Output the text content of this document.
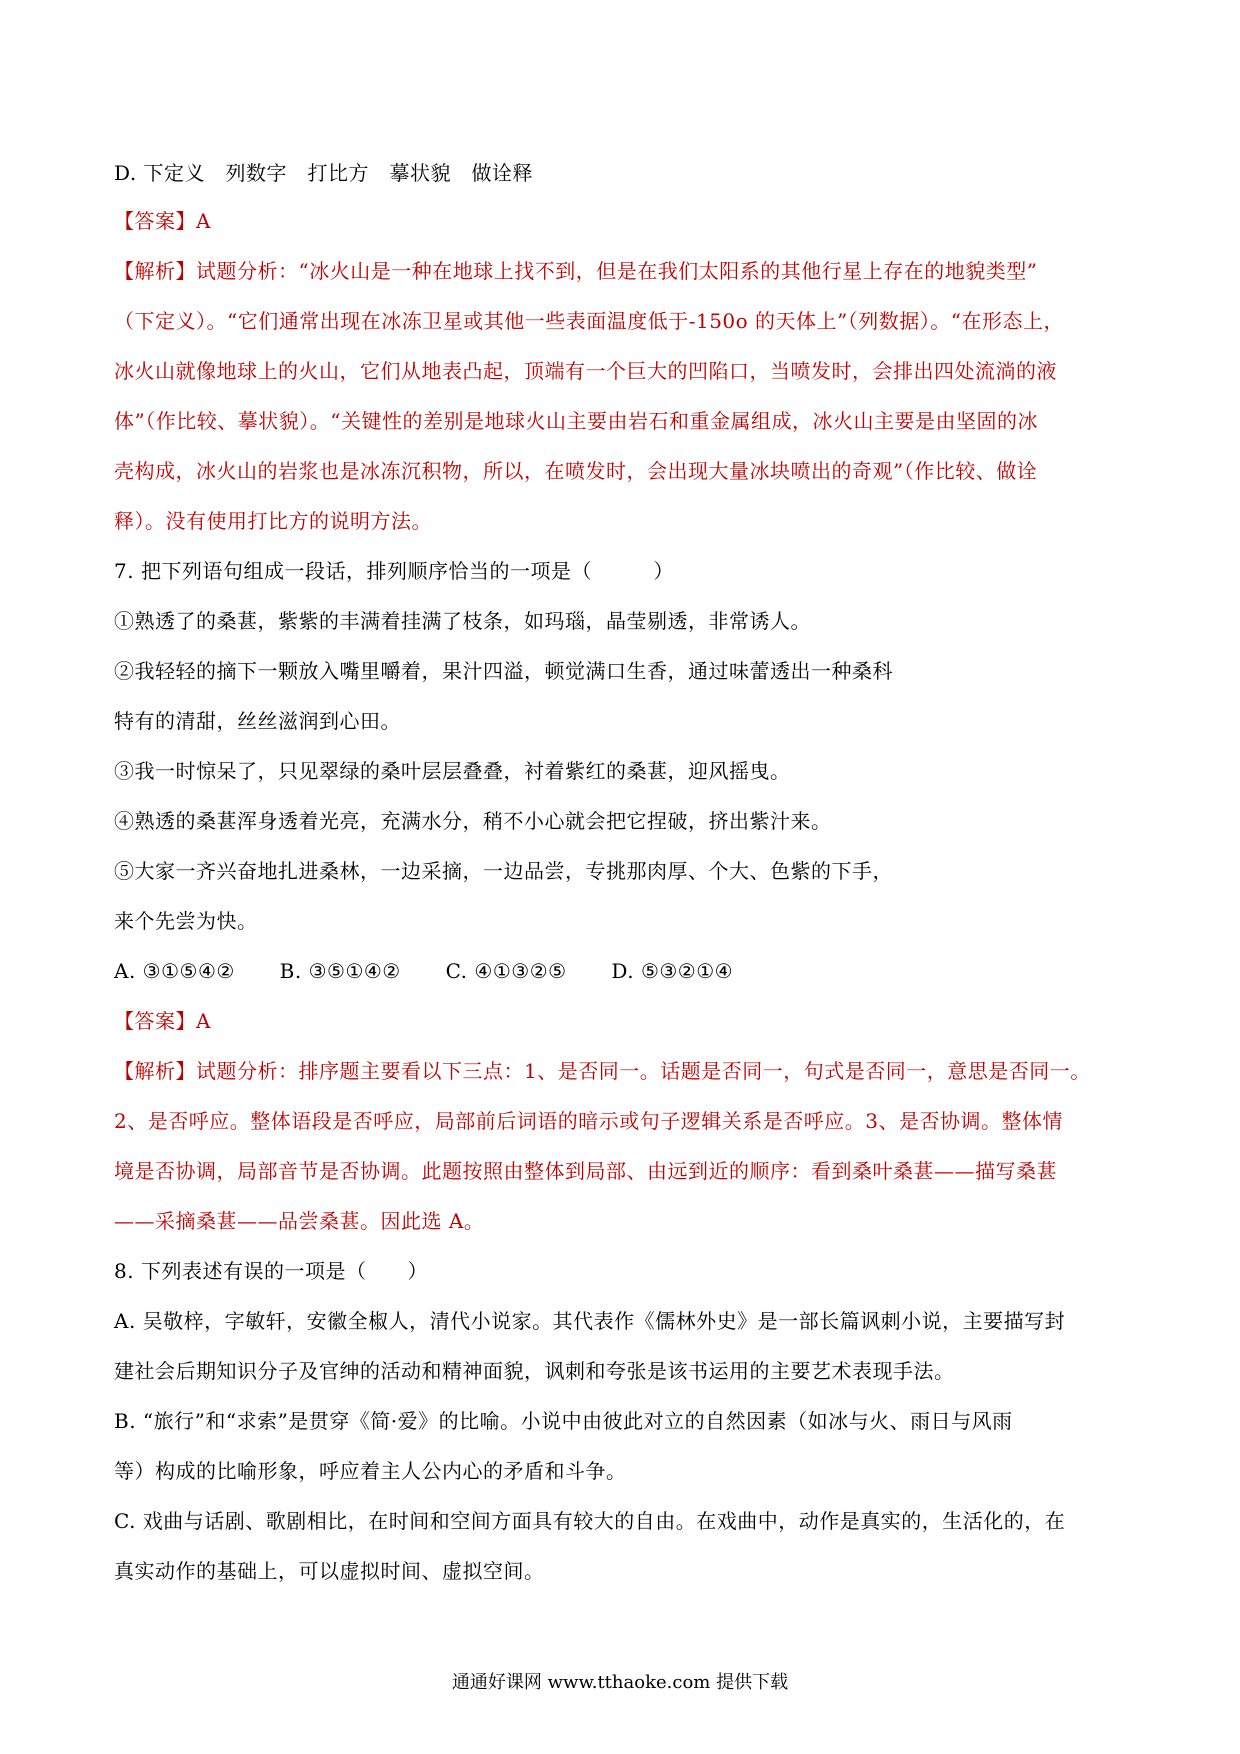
D. 下定义　列数字　打比方　摹状貌　做诠释
【答案】A
【解析】试题分析：“冰火山是一种在地球上找不到，但是在我们太阳系的其他行星上存在的地貌类型”
（下定义）。“它们通常出现在冰冻卫星或其他一些表面温度低于-150o 的天体上”（列数据）。“在形态上，
冰火山就像地球上的火山，它们从地表凸起，顶端有一个巨大的凹陷口，当喷发时，会排出四处流淌的液
体”（作比较、摹状貌）。“关键性的差别是地球火山主要由岩石和重金属组成，冰火山主要是由坚固的冰
壳构成，冰火山的岩浆也是冰冻沉积物，所以，在喷发时，会出现大量冰块喷出的奇观”（作比较、做诠
释）。没有使用打比方的说明方法。
7. 把下列语句组成一段话，排列顺序恰当的一项是（　　　）
①熟透了的桑葚，紫紫的丰满着挂满了枝条，如玛瑙，晶莹剔透，非常诱人。
②我轻轻的摘下一颗放入嘴里嚼着，果汁四溢，顿觉满口生香，通过味蕾透出一种桑科
特有的清甜，丝丝滋润到心田。
③我一时惊呆了，只见翠绿的桑叶层层叠叠，衬着紫红的桑葚，迎风摇曳。
④熟透的桑葚浑身透着光亮，充满水分，稍不小心就会把它捏破，挤出紫汁来。
⑤大家一齐兴奋地扎进桑林，一边采摘，一边品尝，专挑那肉厚、个大、色紫的下手，
来个先尝为快。
A. ③①⑤④② B. ③⑤①④② C. ④①③②⑤ D. ⑤③②①④
【答案】A
【解析】试题分析：排序题主要看以下三点：1、是否同一。话题是否同一，句式是否同一，意思是否同一。
2、是否呼应。整体语段是否呼应，局部前后词语的暗示或句子逻辑关系是否呼应。3、是否协调。整体情
境是否协调，局部音节是否协调。此题按照由整体到局部、由远到近的顺序：看到桑叶桑葚——描写桑葚
——采摘桑葚——品尝桑葚。因此选 A。
8. 下列表述有误的一项是（　　）
A. 吴敬梓，字敏轩，安徽全椒人，清代小说家。其代表作《儒林外史》是一部长篇讽刺小说，主要描写封
建社会后期知识分子及官绅的活动和精神面貌，讽刺和夸张是该书运用的主要艺术表现手法。
B. “旅行”和“求索”是贯穿《简·爱》的比喻。小说中由彼此对立的自然因素（如冰与火、雨日与风雨
等）构成的比喻形象，呼应着主人公内心的矛盾和斗争。
C. 戏曲与话剧、歌剧相比，在时间和空间方面具有较大的自由。在戏曲中，动作是真实的，生活化的，在
真实动作的基础上，可以虚拟时间、虚拟空间。
通通好课网 www.tthaoke.com 提供下载
